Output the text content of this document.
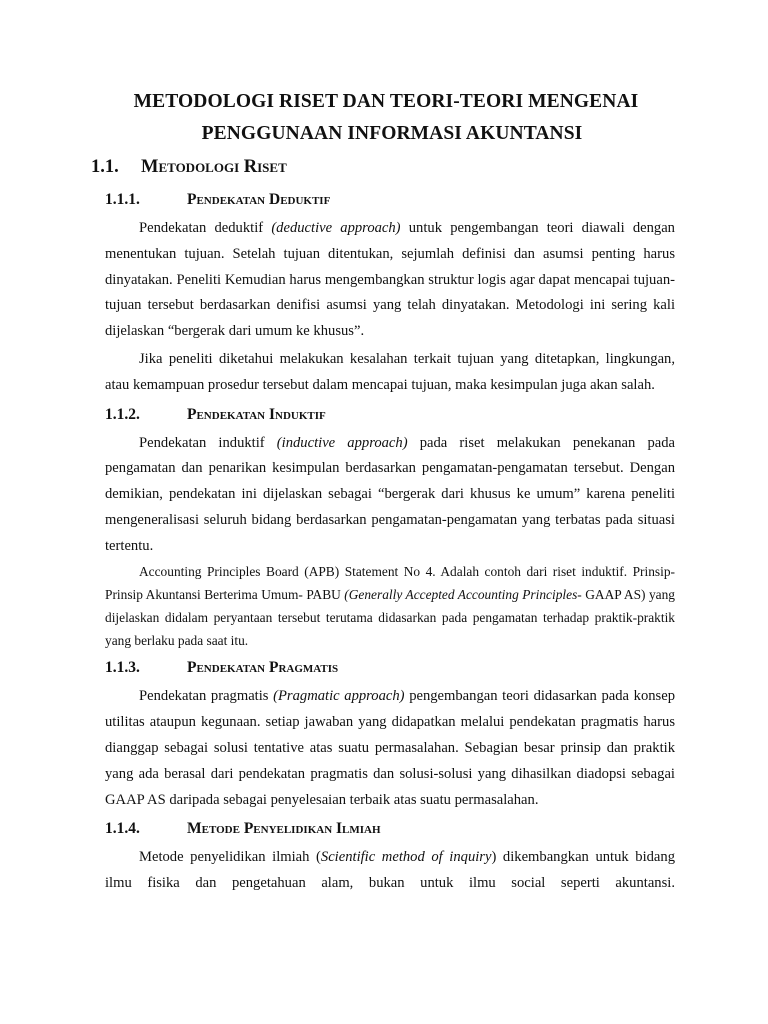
METODOLOGI RISET DAN TEORI-TEORI MENGENAI
PENGGUNAAN INFORMASI AKUNTANSI
1.1. Metodologi Riset
1.1.1.	Pendekatan Deduktif

Pendekatan deduktif (deductive approach) untuk pengembangan teori diawali dengan menentukan tujuan. Setelah tujuan ditentukan, sejumlah definisi dan asumsi penting harus dinyatakan. Peneliti Kemudian harus mengembangkan struktur logis agar dapat mencapai tujuan-tujuan tersebut berdasarkan denifisi asumsi yang telah dinyatakan. Metodologi ini sering kali dijelaskan “bergerak dari umum ke khusus”.

Jika peneliti diketahui melakukan kesalahan terkait tujuan yang ditetapkan, lingkungan, atau kemampuan prosedur tersebut dalam mencapai tujuan, maka kesimpulan juga akan salah.

1.1.2.	Pendekatan Induktif

Pendekatan induktif (inductive approach) pada riset melakukan penekanan pada pengamatan dan penarikan kesimpulan berdasarkan pengamatan-pengamatan tersebut. Dengan demikian, pendekatan ini dijelaskan sebagai “bergerak dari khusus ke umum” karena peneliti mengeneralisasi seluruh bidang berdasarkan pengamatan-pengamatan yang terbatas pada situasi tertentu.

Accounting Principles Board (APB) Statement No 4. Adalah contoh dari riset induktif. Prinsip-Prinsip Akuntansi Berterima Umum- PABU (Generally Accepted Accounting Principles- GAAP AS) yang dijelaskan didalam peryantaan tersebut terutama didasarkan pada pengamatan terhadap praktik-praktik yang berlaku pada saat itu.

1.1.3.	Pendekatan Pragmatis

Pendekatan pragmatis (Pragmatic approach) pengembangan teori didasarkan pada konsep utilitas ataupun kegunaan. setiap jawaban yang didapatkan melalui pendekatan pragmatis harus dianggap sebagai solusi tentative atas suatu permasalahan. Sebagian besar prinsip dan praktik yang ada berasal dari pendekatan pragmatis dan solusi-solusi yang dihasilkan diadopsi sebagai GAAP AS daripada sebagai penyelesaian terbaik atas suatu permasalahan.

1.1.4.	Metode Penyelidikan Ilmiah

Metode penyelidikan ilmiah (Scientific method of inquiry) dikembangkan untuk bidang ilmu fisika dan pengetahuan alam, bukan untuk ilmu social seperti akuntansi.
